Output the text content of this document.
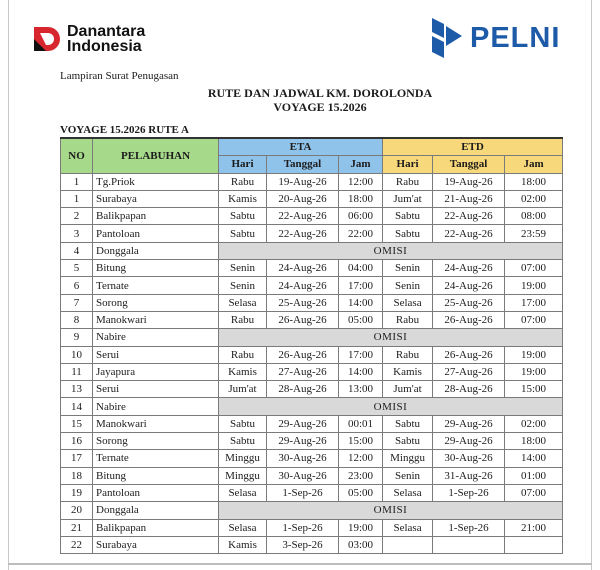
Danantara
Indonesia	PELNI
Lampiran Surat Penugasan
RUTE DAN JADWAL KM. DOROLONDA
VOYAGE 15.2026
VOYAGE 15.2026 RUTE A
NO	PELABUHAN	ETA			ETD		
		Hari	Tanggal	Jam	Hari	Tanggal	Jam
1	Tg.Priok	Rabu	19-Aug-26	12:00	Rabu	19-Aug-26	18:00
1	Surabaya	Kamis	20-Aug-26	18:00	Jum'at	21-Aug-26	02:00
2	Balikpapan	Sabtu	22-Aug-26	06:00	Sabtu	22-Aug-26	08:00
3	Pantoloan	Sabtu	22-Aug-26	22:00	Sabtu	22-Aug-26	23:59
4	Donggala	OMISI					
5	Bitung	Senin	24-Aug-26	04:00	Senin	24-Aug-26	07:00
6	Ternate	Senin	24-Aug-26	17:00	Senin	24-Aug-26	19:00
7	Sorong	Selasa	25-Aug-26	14:00	Selasa	25-Aug-26	17:00
8	Manokwari	Rabu	26-Aug-26	05:00	Rabu	26-Aug-26	07:00
9	Nabire	OMISI					
10	Serui	Rabu	26-Aug-26	17:00	Rabu	26-Aug-26	19:00
11	Jayapura	Kamis	27-Aug-26	14:00	Kamis	27-Aug-26	19:00
13	Serui	Jum'at	28-Aug-26	13:00	Jum'at	28-Aug-26	15:00
14	Nabire	OMISI					
15	Manokwari	Sabtu	29-Aug-26	00:01	Sabtu	29-Aug-26	02:00
16	Sorong	Sabtu	29-Aug-26	15:00	Sabtu	29-Aug-26	18:00
17	Ternate	Minggu	30-Aug-26	12:00	Minggu	30-Aug-26	14:00
18	Bitung	Minggu	30-Aug-26	23:00	Senin	31-Aug-26	01:00
19	Pantoloan	Selasa	1-Sep-26	05:00	Selasa	1-Sep-26	07:00
20	Donggala	OMISI					
21	Balikpapan	Selasa	1-Sep-26	19:00	Selasa	1-Sep-26	21:00
22	Surabaya	Kamis	3-Sep-26	03:00			
